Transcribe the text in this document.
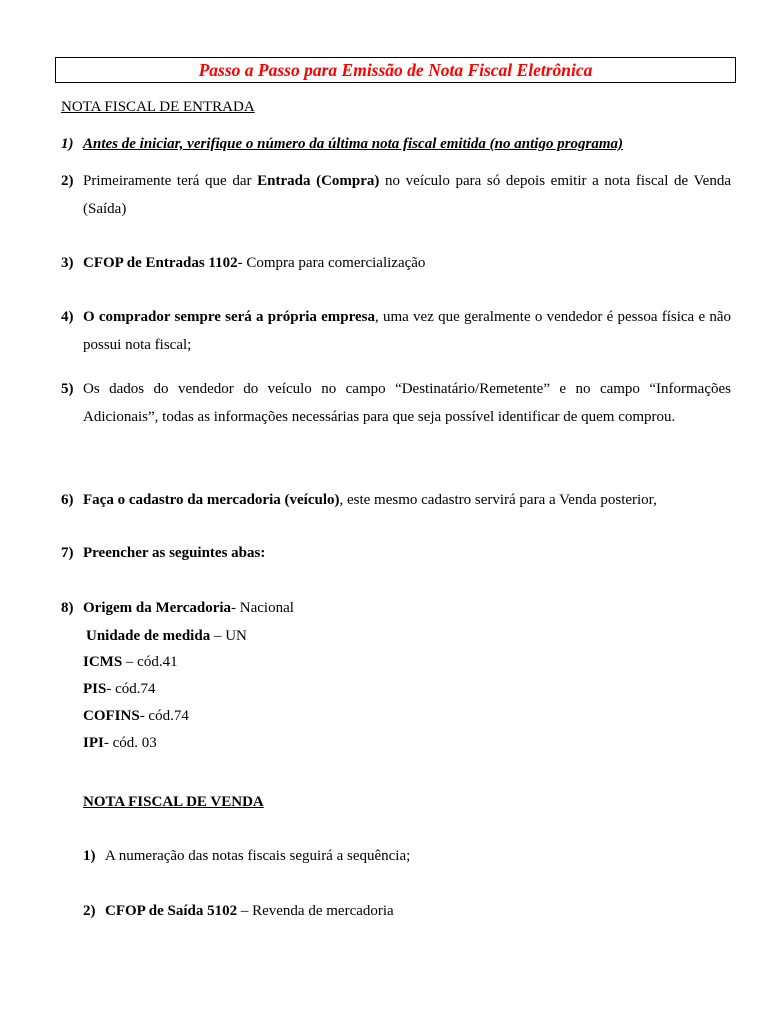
Passo a Passo para Emissão de Nota Fiscal Eletrônica
NOTA FISCAL DE ENTRADA
1) Antes de iniciar, verifique o número da última nota fiscal emitida (no antigo programa)
2) Primeiramente terá que dar Entrada (Compra) no veículo para só depois emitir a nota fiscal de Venda (Saída)
3) CFOP de Entradas 1102- Compra para comercialização
4) O comprador sempre será a própria empresa, uma vez que geralmente o vendedor é pessoa física e não possui nota fiscal;
5) Os dados do vendedor do veículo no campo “Destinatário/Remetente” e no campo “Informações Adicionais”, todas as informações necessárias para que seja possível identificar de quem comprou.
6) Faça o cadastro da mercadoria (veículo), este mesmo cadastro servirá para a Venda posterior,
7) Preencher as seguintes abas:
8) Origem da Mercadoria- Nacional
Unidade de medida – UN
ICMS – cód.41
PIS- cód.74
COFINS- cód.74
IPI- cód. 03
NOTA FISCAL DE VENDA
1) A numeração das notas fiscais seguirá a sequência;
2) CFOP de Saída 5102 – Revenda de mercadoria
